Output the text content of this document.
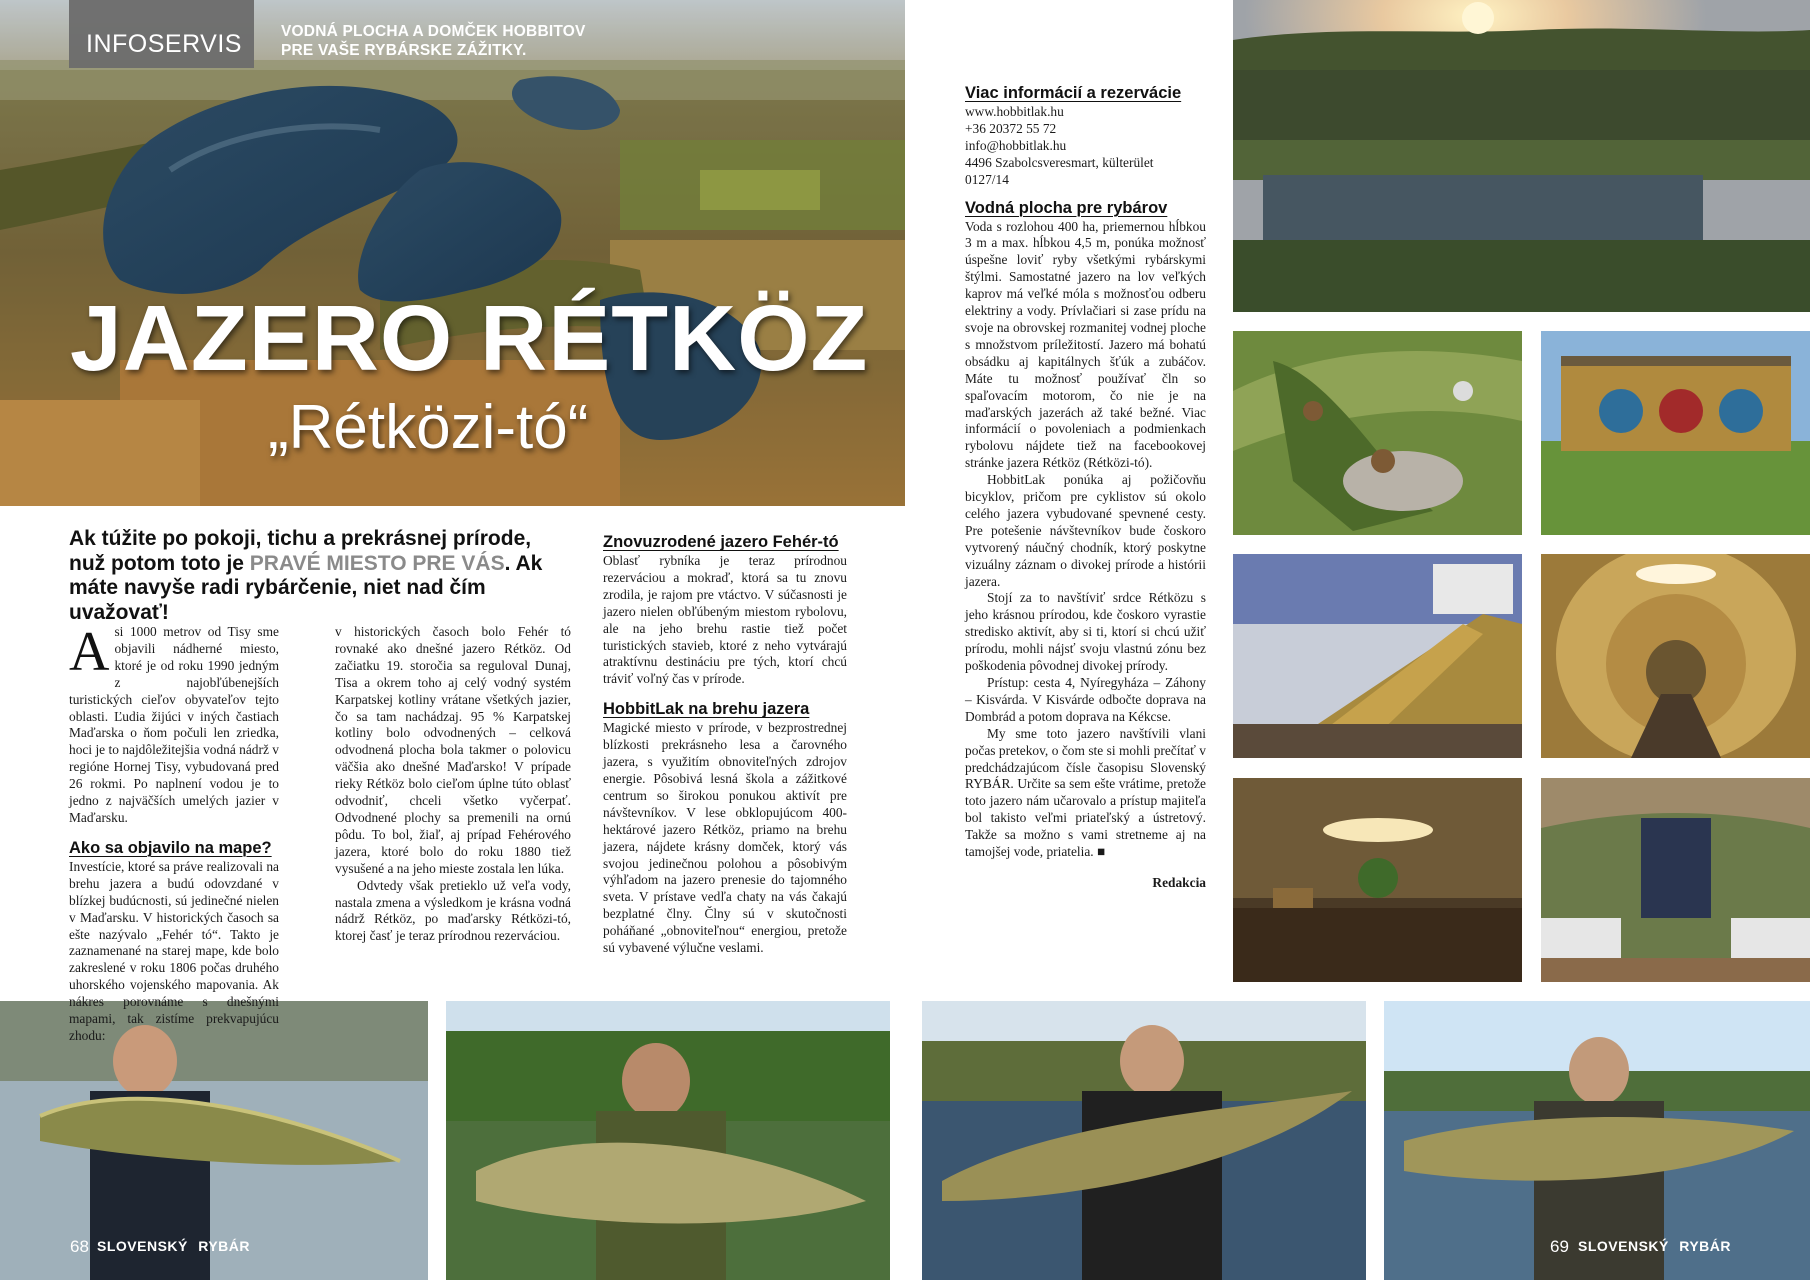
INFOSERVIS	VODNÁ PLOCHA A DOMČEK HOBBITOV
PRE VAŠE RYBÁRSKE ZÁŽITKY.
JAZERO RÉTKÖZ
„Rétközi-tó“
68 SLOVENSKÝ RYBÁR	69 SLOVENSKÝ RYBÁR
Ak túžite po pokoji, tichu a prekrásnej prírode, nuž potom toto je PRAVÉ MIESTO PRE VÁS. Ak máte navyše radi rybárčenie, niet nad čím uvažovať!
A si 1000 metrov od Tisy sme objavili nádherné miesto, ktoré je od roku 1990 jedným z najobľúbenejších turistických cieľov obyvateľov tejto oblasti. Ľudia žijúci v iných častiach Maďarska o ňom počuli len zriedka, hoci je to najdôležitejšia vodná nádrž v regióne Hornej Tisy, vybudovaná pred 26 rokmi. Po naplnení vodou je to jedno z najväčších umelých jazier v Maďarsku.

Ako sa objavilo na mape?

Investície, ktoré sa práve realizovali na brehu jazera a budú odovzdané v blízkej budúcnosti, sú jedinečné nielen v Maďarsku. V historických časoch sa ešte nazývalo „Fehér tó“. Takto je zaznamenané na starej mape, kde bolo zakreslené v roku 1806 počas druhého uhorského vojenského mapovania. Ak nákres porovnáme s dnešnými mapami, tak zistíme prekvapujúcu zhodu:

v historických časoch bolo Fehér tó rovnaké ako dnešné jazero Rétköz. Od začiatku 19. storočia sa reguloval Dunaj, Tisa a okrem toho aj celý vodný systém Karpatskej kotliny vrátane všetkých jazier, čo sa tam nachádzaj. 95 % Karpatskej kotliny bolo odvodnených – celková odvodnená plocha bola takmer o polovicu väčšia ako dnešné Maďarsko! V prípade rieky Rétköz bolo cieľom úplne túto oblasť odvodniť, chceli všetko vyčerpať. Odvodnené plochy sa premenili na ornú pôdu. To bol, žiaľ, aj prípad Fehérového jazera, ktoré bolo do roku 1880 tiež vysušené a na jeho mieste zostala len lúka.

Odvtedy však pretieklo už veľa vody, nastala zmena a výsledkom je krásna vodná nádrž Rétköz, po maďarsky Rétközi-tó, ktorej časť je teraz prírodnou rezerváciou.

Znovuzrodené jazero Fehér-tó

Oblasť rybníka je teraz prírodnou rezerváciou a mokraď, ktorá sa tu znovu zrodila, je rajom pre vtáctvo. V súčasnosti je jazero nielen obľúbeným miestom rybolovu, ale na jeho brehu rastie tiež počet turistických stavieb, ktoré z neho vytvárajú atraktívnu destináciu pre tých, ktorí chcú tráviť voľný čas v prírode.

HobbitLak na brehu jazera

Magické miesto v prírode, v bezprostrednej blízkosti prekrásneho lesa a čarovného jazera, s využitím obnoviteľných zdrojov energie. Pôsobivá lesná škola a zážitkové centrum so širokou ponukou aktivít pre návštevníkov. V lese obklopujúcom 400-hektárové jazero Rétköz, priamo na brehu jazera, nájdete krásny domček, ktorý vás svojou jedinečnou polohou a pôsobivým výhľadom na jazero prenesie do tajomného sveta. V prístave vedľa chaty na vás čakajú bezplatné člny. Člny sú v skutočnosti poháňané „obnoviteľnou“ energiou, pretože sú vybavené výlučne veslami.

Viac informácií a rezervácie

www.hobbitlak.hu

+36 20372 55 72

info@hobbitlak.hu

4496 Szabolcsveresmart, külterület

0127/14

Vodná plocha pre rybárov

Voda s rozlohou 400 ha, priemernou hĺbkou 3 m a max. hĺbkou 4,5 m, ponúka možnosť úspešne loviť ryby všetkými rybárskymi štýlmi. Samostatné jazero na lov veľkých kaprov má veľké móla s možnosťou odberu elektriny a vody. Prívlačiari si zase prídu na svoje na obrovskej rozmanitej vodnej ploche s množstvom príležitostí. Jazero má bohatú obsádku aj kapitálnych šťúk a zubáčov. Máte tu možnosť používať čln so spaľovacím motorom, čo nie je na maďarských jazerách až také bežné. Viac informácií o povoleniach a podmienkach rybolovu nájdete tiež na facebookovej stránke jazera Rétköz (Rétközi-tó).

HobbitLak ponúka aj požičovňu bicyklov, pričom pre cyklistov sú okolo celého jazera vybudované spevnené cesty. Pre potešenie návštevníkov bude čoskoro vytvorený náučný chodník, ktorý poskytne vizuálny záznam o divokej prírode a histórii jazera.

Stojí za to navštíviť srdce Rétközu s jeho krásnou prírodou, kde čoskoro vyrastie stredisko aktivít, aby si ti, ktorí si chcú užiť prírodu, mohli nájsť svoju vlastnú zónu bez poškodenia pôvodnej divokej prírody.

Prístup: cesta 4, Nyíregyháza – Záhony – Kisvárda. V Kisvárde odbočte doprava na Dombrád a potom doprava na Kékcse.

My sme toto jazero navštívili vlani počas pretekov, o čom ste si mohli prečítať v predchádzajúcom čísle časopisu Slovenský RYBÁR. Určite sa sem ešte vrátime, pretože toto jazero nám učarovalo a prístup majiteľa bol takisto veľmi priateľský a ústretový. Takže sa možno s vami stretneme aj na tamojšej vode, priatelia. ■

Redakcia
